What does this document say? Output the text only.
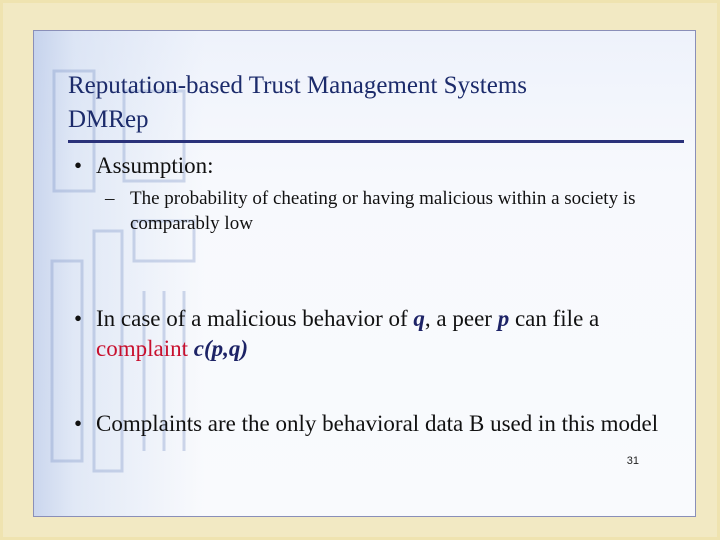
Reputation-based Trust Management Systems
DMRep
• Assumption:
– The probability of cheating or having malicious within a society is comparably low
• In case of a malicious behavior of q, a peer p can file a complaint c(p,q)
• Complaints are the only behavioral data B used in this model
31
